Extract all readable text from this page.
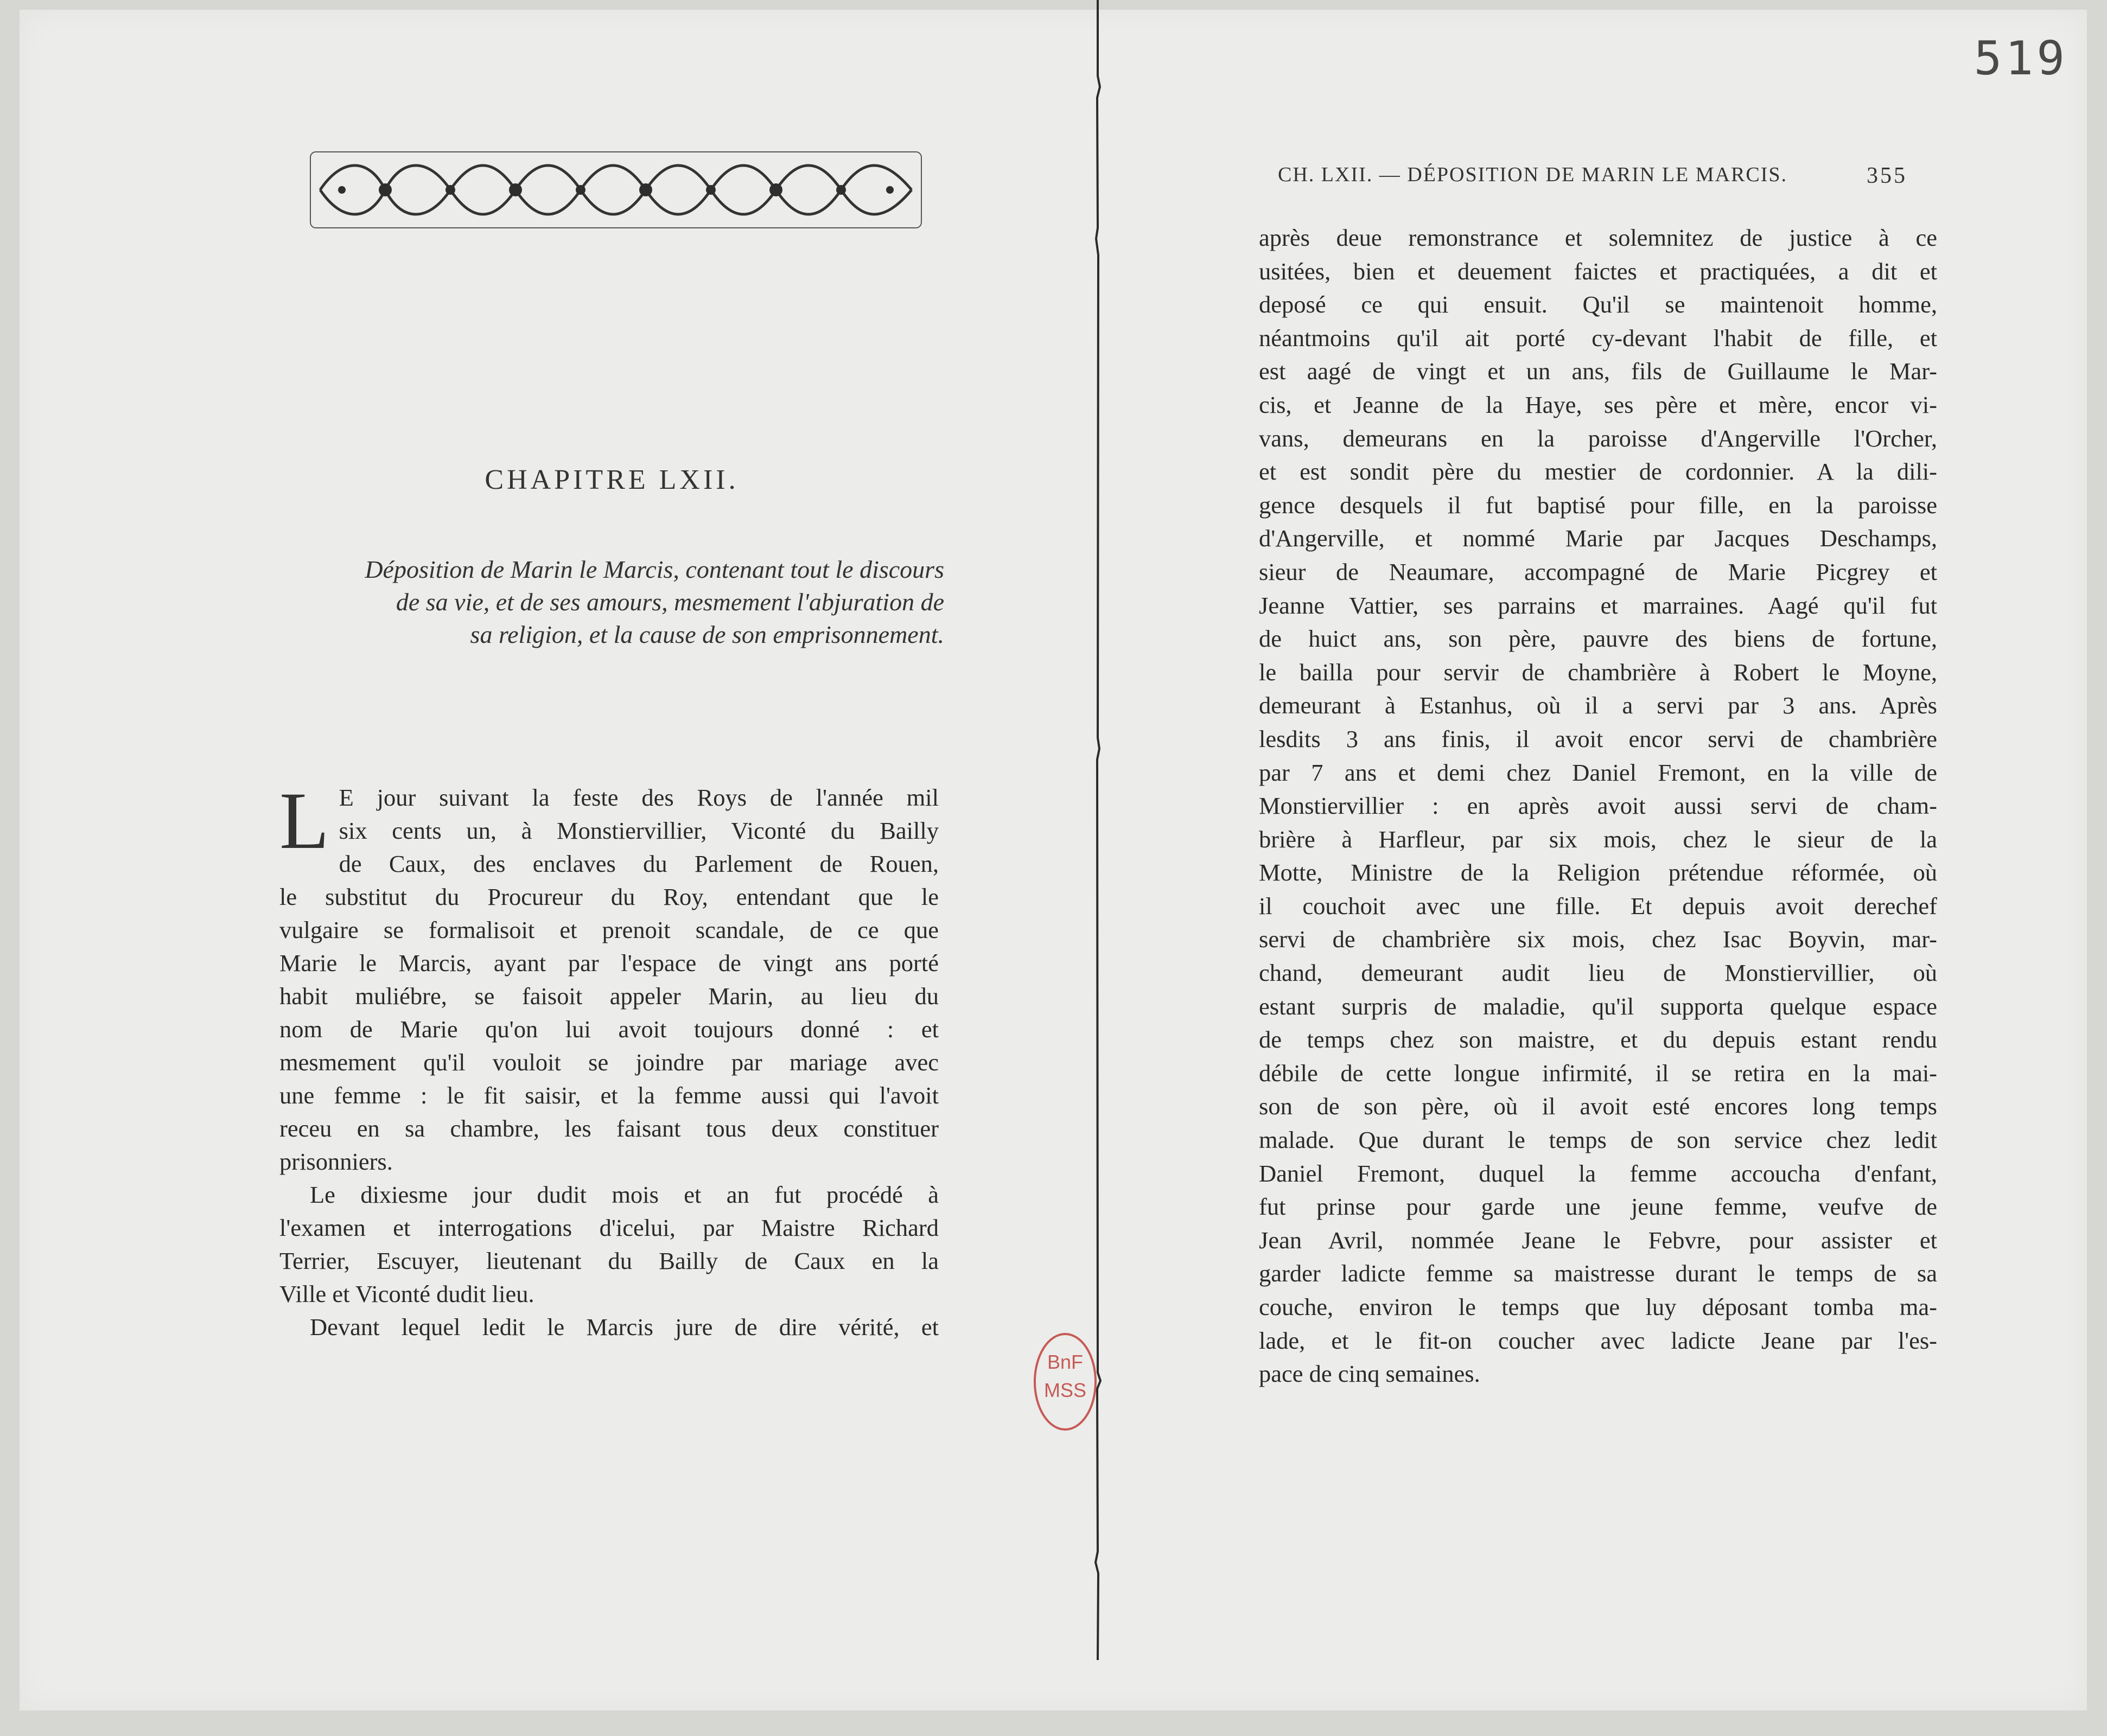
519
CHAPITRE LXII.
Déposition de Marin le Marcis, contenant tout le discours
de sa vie, et de ses amours, mesmement l'abjuration de
sa religion, et la cause de son emprisonnement.
L E jour suivant la feste des Roys de l'année mil
six cents un, à Monstiervillier, Viconté du Bailly
de Caux, des enclaves du Parlement de Rouen,
le substitut du Procureur du Roy, entendant que le
vulgaire se formalisoit et prenoit scandale, de ce que
Marie le Marcis, ayant par l'espace de vingt ans porté
habit muliébre, se faisoit appeler Marin, au lieu du
nom de Marie qu'on lui avoit toujours donné : et
mesmement qu'il vouloit se joindre par mariage avec
une femme : le fit saisir, et la femme aussi qui l'avoit
receu en sa chambre, les faisant tous deux constituer
prisonniers.
Le dixiesme jour dudit mois et an fut procédé à
l'examen et interrogations d'icelui, par Maistre Richard
Terrier, Escuyer, lieutenant du Bailly de Caux en la
Ville et Viconté dudit lieu.
Devant lequel ledit le Marcis jure de dire vérité, et
CH. LXII. — DÉPOSITION DE MARIN LE MARCIS.	355
après deue remonstrance et solemnitez de justice à ce
usitées, bien et deuement faictes et practiquées, a dit et
deposé ce qui ensuit. Qu'il se maintenoit homme,
néantmoins qu'il ait porté cy-devant l'habit de fille, et
est aagé de vingt et un ans, fils de Guillaume le Mar-
cis, et Jeanne de la Haye, ses père et mère, encor vi-
vans, demeurans en la paroisse d'Angerville l'Orcher,
et est sondit père du mestier de cordonnier. A la dili-
gence desquels il fut baptisé pour fille, en la paroisse
d'Angerville, et nommé Marie par Jacques Deschamps,
sieur de Neaumare, accompagné de Marie Picgrey et
Jeanne Vattier, ses parrains et marraines. Aagé qu'il fut
de huict ans, son père, pauvre des biens de fortune,
le bailla pour servir de chambrière à Robert le Moyne,
demeurant à Estanhus, où il a servi par 3 ans. Après
lesdits 3 ans finis, il avoit encor servi de chambrière
par 7 ans et demi chez Daniel Fremont, en la ville de
Monstiervillier : en après avoit aussi servi de cham-
brière à Harfleur, par six mois, chez le sieur de la
Motte, Ministre de la Religion prétendue réformée, où
il couchoit avec une fille. Et depuis avoit derechef
servi de chambrière six mois, chez Isac Boyvin, mar-
chand, demeurant audit lieu de Monstiervillier, où
estant surpris de maladie, qu'il supporta quelque espace
de temps chez son maistre, et du depuis estant rendu
débile de cette longue infirmité, il se retira en la mai-
son de son père, où il avoit esté encores long temps
malade. Que durant le temps de son service chez ledit
Daniel Fremont, duquel la femme accoucha d'enfant,
fut prinse pour garde une jeune femme, veufve de
Jean Avril, nommée Jeane le Febvre, pour assister et
garder ladicte femme sa maistresse durant le temps de sa
couche, environ le temps que luy déposant tomba ma-
lade, et le fit-on coucher avec ladicte Jeane par l'es-
pace de cinq semaines.
BnF
MSS
